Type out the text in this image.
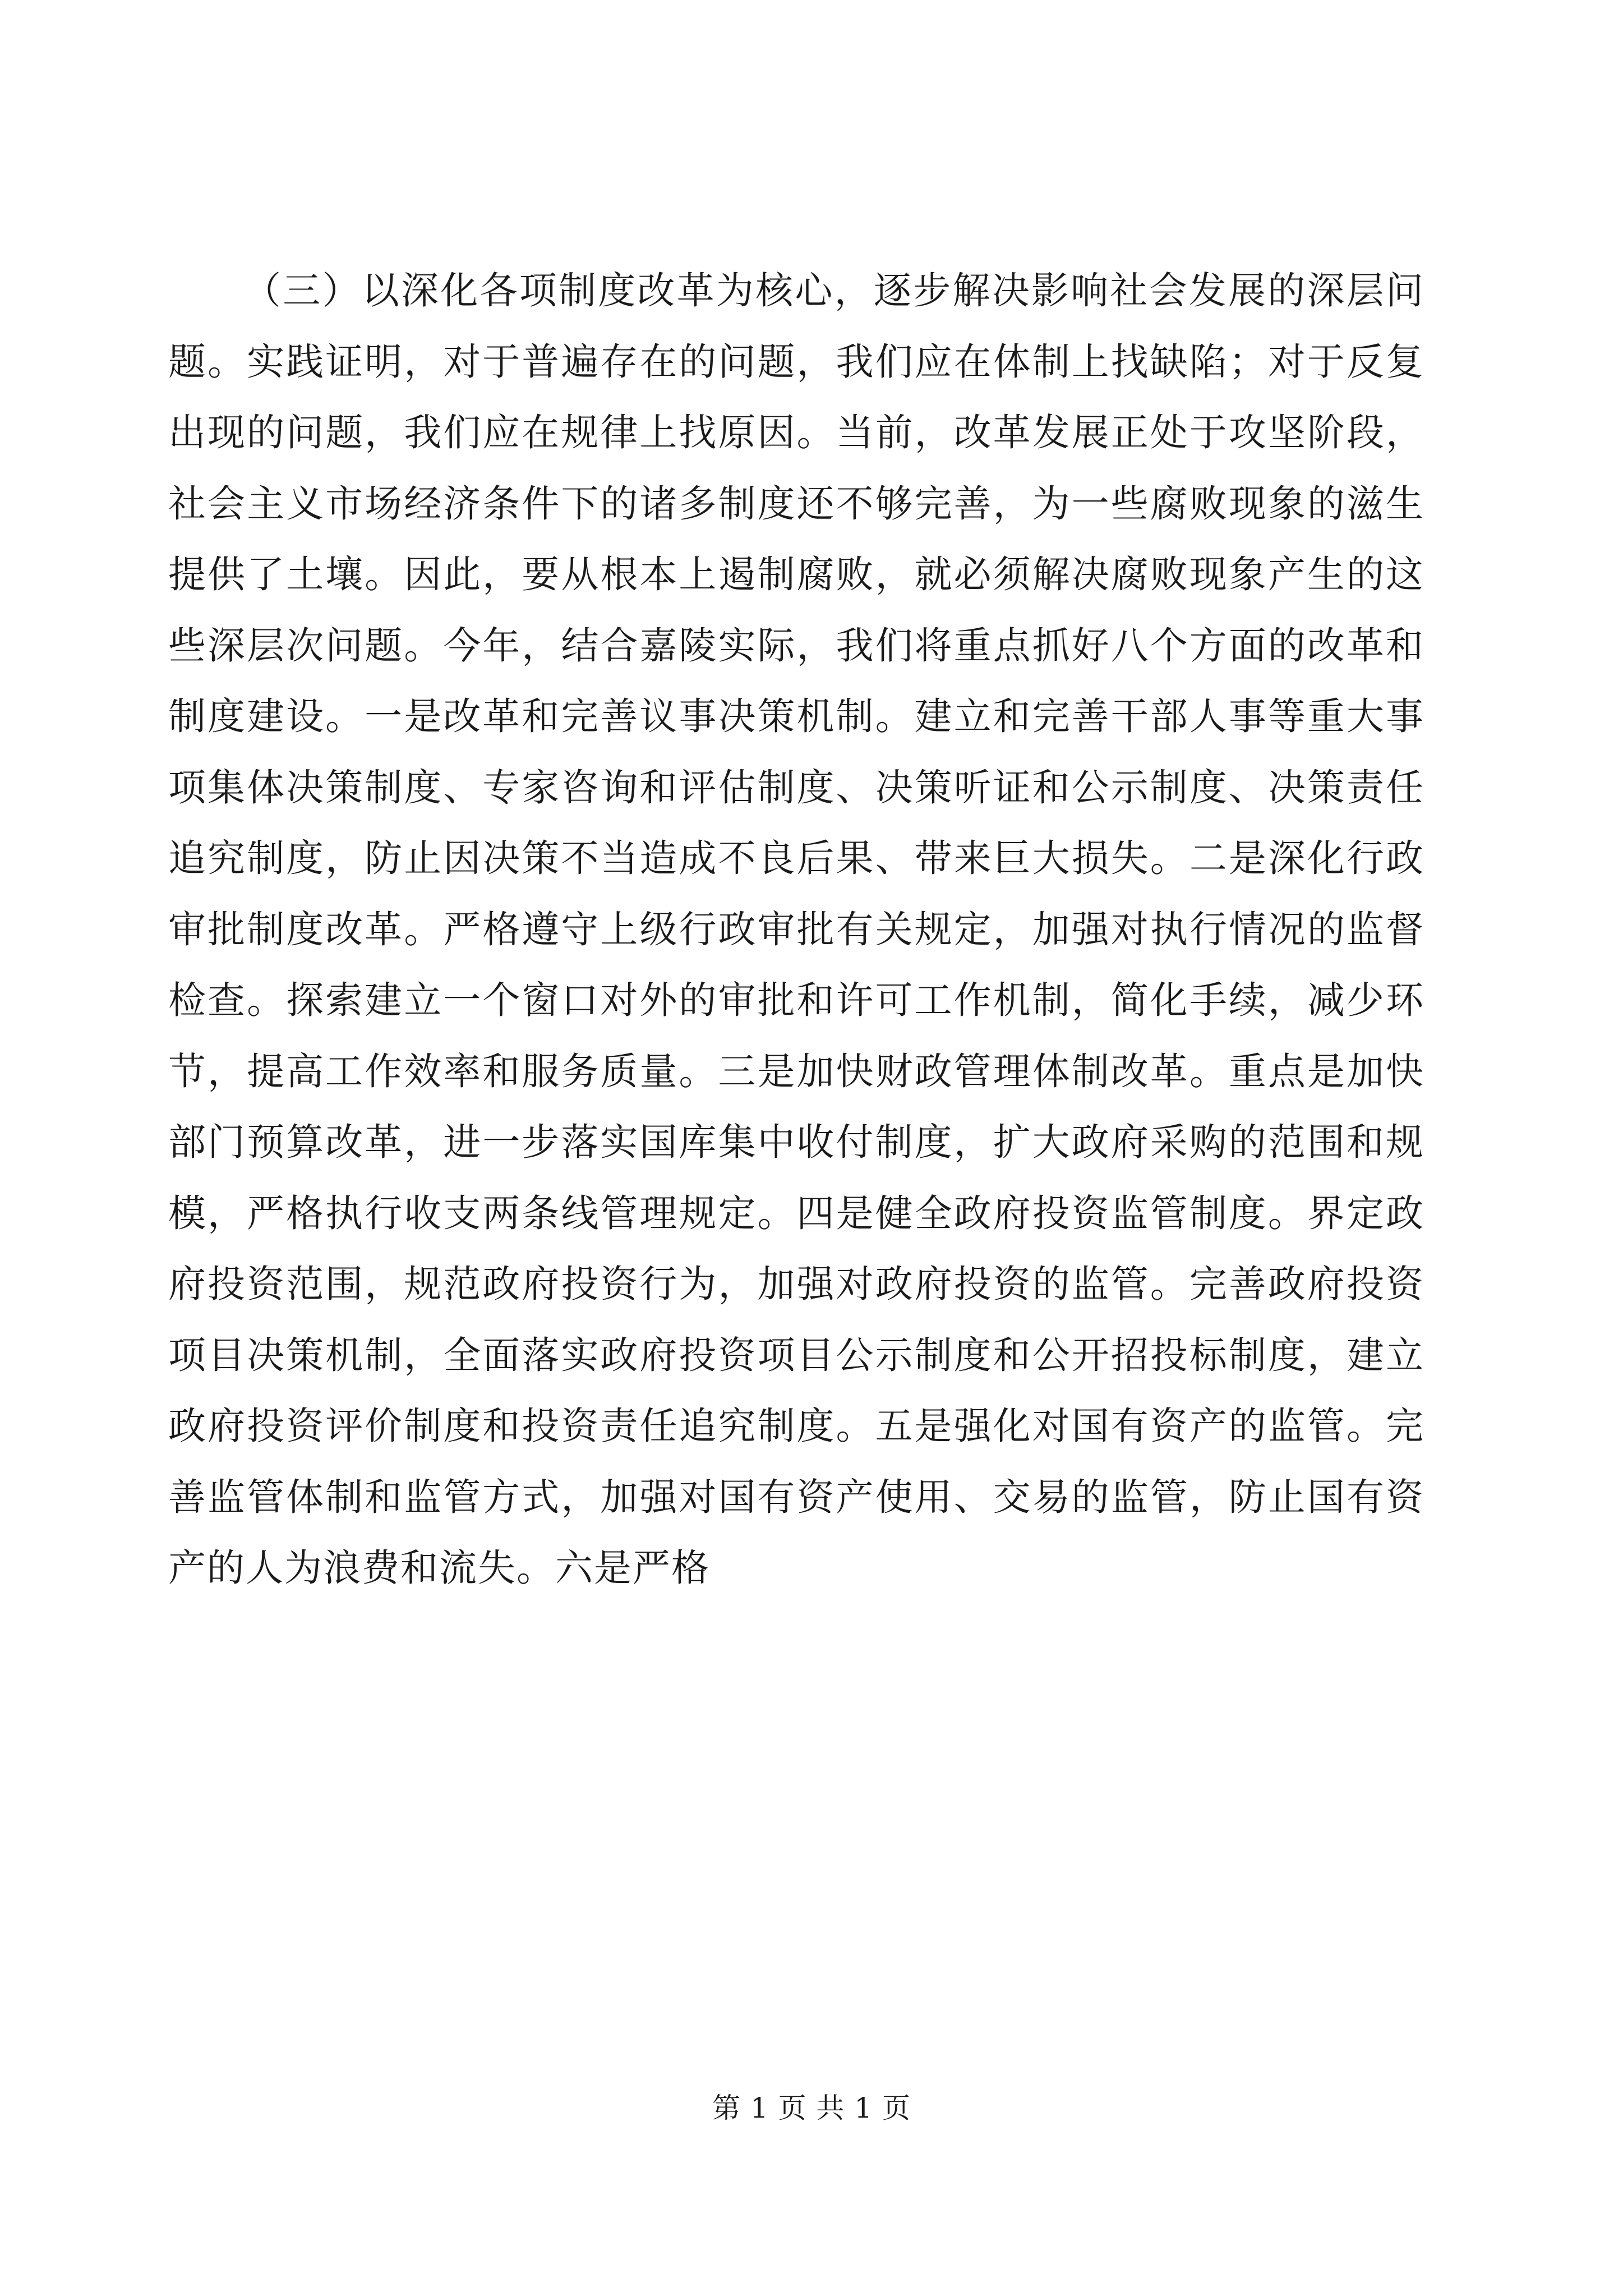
（三）以深化各项制度改革为核心，逐步解决影响社会发展的深层问题。实践证明，对于普遍存在的问题，我们应在体制上找缺陷；对于反复出现的问题，我们应在规律上找原因。当前，改革发展正处于攻坚阶段，社会主义市场经济条件下的诸多制度还不够完善，为一些腐败现象的滋生提供了土壤。因此，要从根本上遏制腐败，就必须解决腐败现象产生的这些深层次问题。今年，结合嘉陵实际，我们将重点抓好八个方面的改革和制度建设。一是改革和完善议事决策机制。建立和完善干部人事等重大事项集体决策制度、专家咨询和评估制度、决策听证和公示制度、决策责任追究制度，防止因决策不当造成不良后果、带来巨大损失。二是深化行政审批制度改革。严格遵守上级行政审批有关规定，加强对执行情况的监督检查。探索建立一个窗口对外的审批和许可工作机制，简化手续，减少环节，提高工作效率和服务质量。三是加快财政管理体制改革。重点是加快部门预算改革，进一步落实国库集中收付制度，扩大政府采购的范围和规模，严格执行收支两条线管理规定。四是健全政府投资监管制度。界定政府投资范围，规范政府投资行为，加强对政府投资的监管。完善政府投资项目决策机制，全面落实政府投资项目公示制度和公开招投标制度，建立政府投资评价制度和投资责任追究制度。五是强化对国有资产的监管。完善监管体制和监管方式，加强对国有资产使用、交易的监管，防止国有资产的人为浪费和流失。六是严格

第 1 页 共 1 页
